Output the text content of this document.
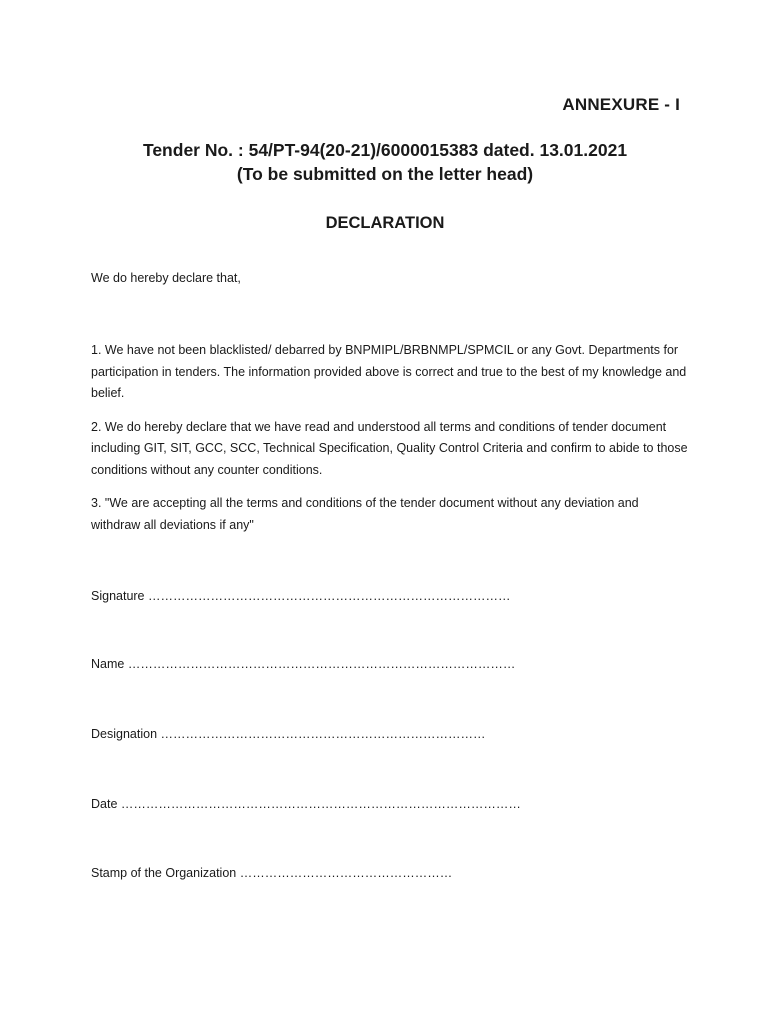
ANNEXURE - I
Tender No. : 54/PT-94(20-21)/6000015383 dated. 13.01.2021
(To be submitted on the letter head)
DECLARATION
We do hereby declare that,

1. We have not been blacklisted/ debarred by BNPMIPL/BRBNMPL/SPMCIL or any Govt. Departments for participation in tenders. The information provided above is correct and true to the best of my knowledge and belief.

2. We do hereby declare that we have read and understood all terms and conditions of tender document including GIT, SIT, GCC, SCC, Technical Specification, Quality Control Criteria and confirm to abide to those conditions without any counter conditions.

3. "We are accepting all the terms and conditions of the tender document without any deviation and withdraw all deviations if any"

Signature ……………………………………………………………………………
Name …………………………………………………………………………………
Designation ……………………………………………………………………
Date ……………………………………………………………………………………
Stamp of the Organization ……………………………………………
